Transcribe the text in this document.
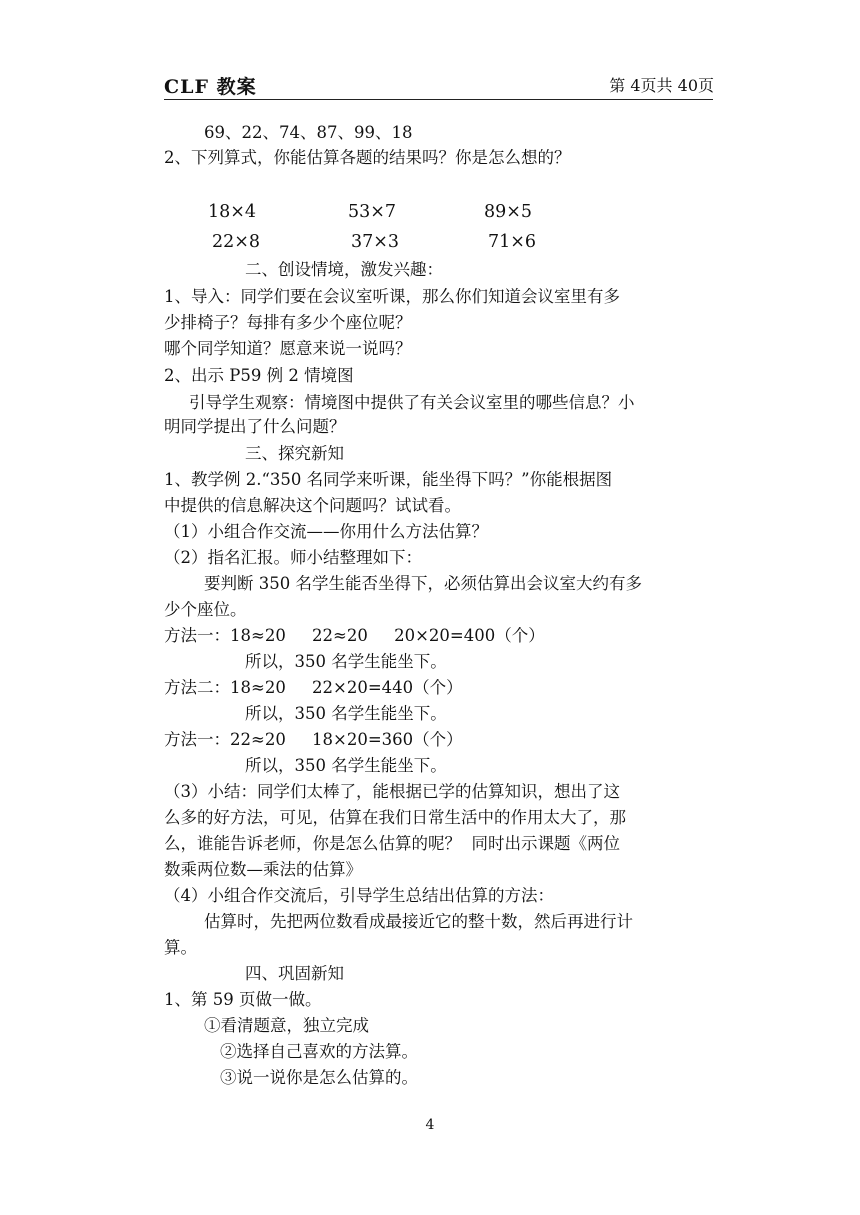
CLF 教案	第 4页共 40页
69、22、74、87、99、18
2、下列算式，你能估算各题的结果吗？你是怎么想的？
18×4	53×7	89×5
22×8	37×3	71×6
二、创设情境，激发兴趣：
1、导入：同学们要在会议室听课，那么你们知道会议室里有多
少排椅子？每排有多少个座位呢？
哪个同学知道？愿意来说一说吗？
2、出示 P59 例 2 情境图
引导学生观察：情境图中提供了有关会议室里的哪些信息？小
明同学提出了什么问题？
三、探究新知
1、教学例 2.“350 名同学来听课，能坐得下吗？”你能根据图
中提供的信息解决这个问题吗？试试看。
（1）小组合作交流——你用什么方法估算？
（2）指名汇报。师小结整理如下：
要判断 350 名学生能否坐得下，必须估算出会议室大约有多
少个座位。
方法一：18≈20     22≈20     20×20=400（个）
所以，350 名学生能坐下。
方法二：18≈20     22×20=440（个）
所以，350 名学生能坐下。
方法一：22≈20     18×20=360（个）
所以，350 名学生能坐下。
（3）小结：同学们太棒了，能根据已学的估算知识，想出了这
么多的好方法，可见，估算在我们日常生活中的作用太大了，那
么，谁能告诉老师，你是怎么估算的呢？  同时出示课题《两位
数乘两位数—乘法的估算》
（4）小组合作交流后，引导学生总结出估算的方法：
估算时，先把两位数看成最接近它的整十数，然后再进行计
算。
四、巩固新知
1、第 59 页做一做。
①看清题意，独立完成
②选择自己喜欢的方法算。
③说一说你是怎么估算的。
4
